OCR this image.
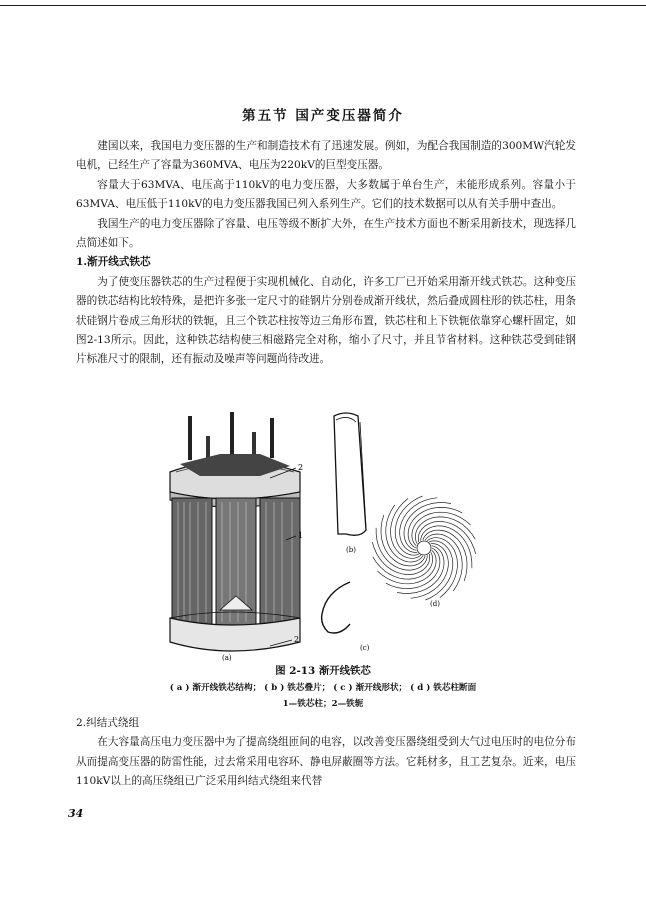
第五节 国产变压器简介

建国以来，我国电力变压器的生产和制造技术有了迅速发展。例如，为配合我国制造的300MW汽轮发电机，已经生产了容量为360MVA、电压为220kV的巨型变压器。

容量大于63MVA、电压高于110kV的电力变压器，大多数属于单台生产，未能形成系列。容量小于63MVA、电压低于110kV的电力变压器我国已列入系列生产。它们的技术数据可以从有关手册中查出。

我国生产的电力变压器除了容量、电压等级不断扩大外，在生产技术方面也不断采用新技术，现选择几点简述如下。

1.渐开线式铁芯

为了使变压器铁芯的生产过程便于实现机械化、自动化，许多工厂已开始采用渐开线式铁芯。这种变压器的铁芯结构比较特殊，是把许多张一定尺寸的硅钢片分别卷成渐开线状，然后叠成圆柱形的铁芯柱，用条状硅钢片卷成三角形状的铁轭，且三个铁芯柱按等边三角形布置，铁芯柱和上下铁轭依靠穿心螺杆固定，如图2-13所示。因此，这种铁芯结构使三相磁路完全对称，缩小了尺寸，并且节省材料。这种铁芯受到硅钢片标准尺寸的限制，还有振动及噪声等问题尚待改进。

2
1
2
(a)
(b)
(c)
(d)
图 2-13 渐开线铁芯
( a ) 渐开线铁芯结构； ( b ) 铁芯叠片； ( c ) 渐开线形状； ( d ) 铁芯柱断面
1—铁芯柱；2—铁轭

2.纠结式绕组

在大容量高压电力变压器中为了提高绕组匝间的电容，以改善变压器绕组受到大气过电压时的电位分布从而提高变压器的防雷性能，过去常采用电容环、静电屏蔽圈等方法。它耗材多，且工艺复杂。近来，电压110kV以上的高压绕组已广泛采用纠结式绕组来代替

34
